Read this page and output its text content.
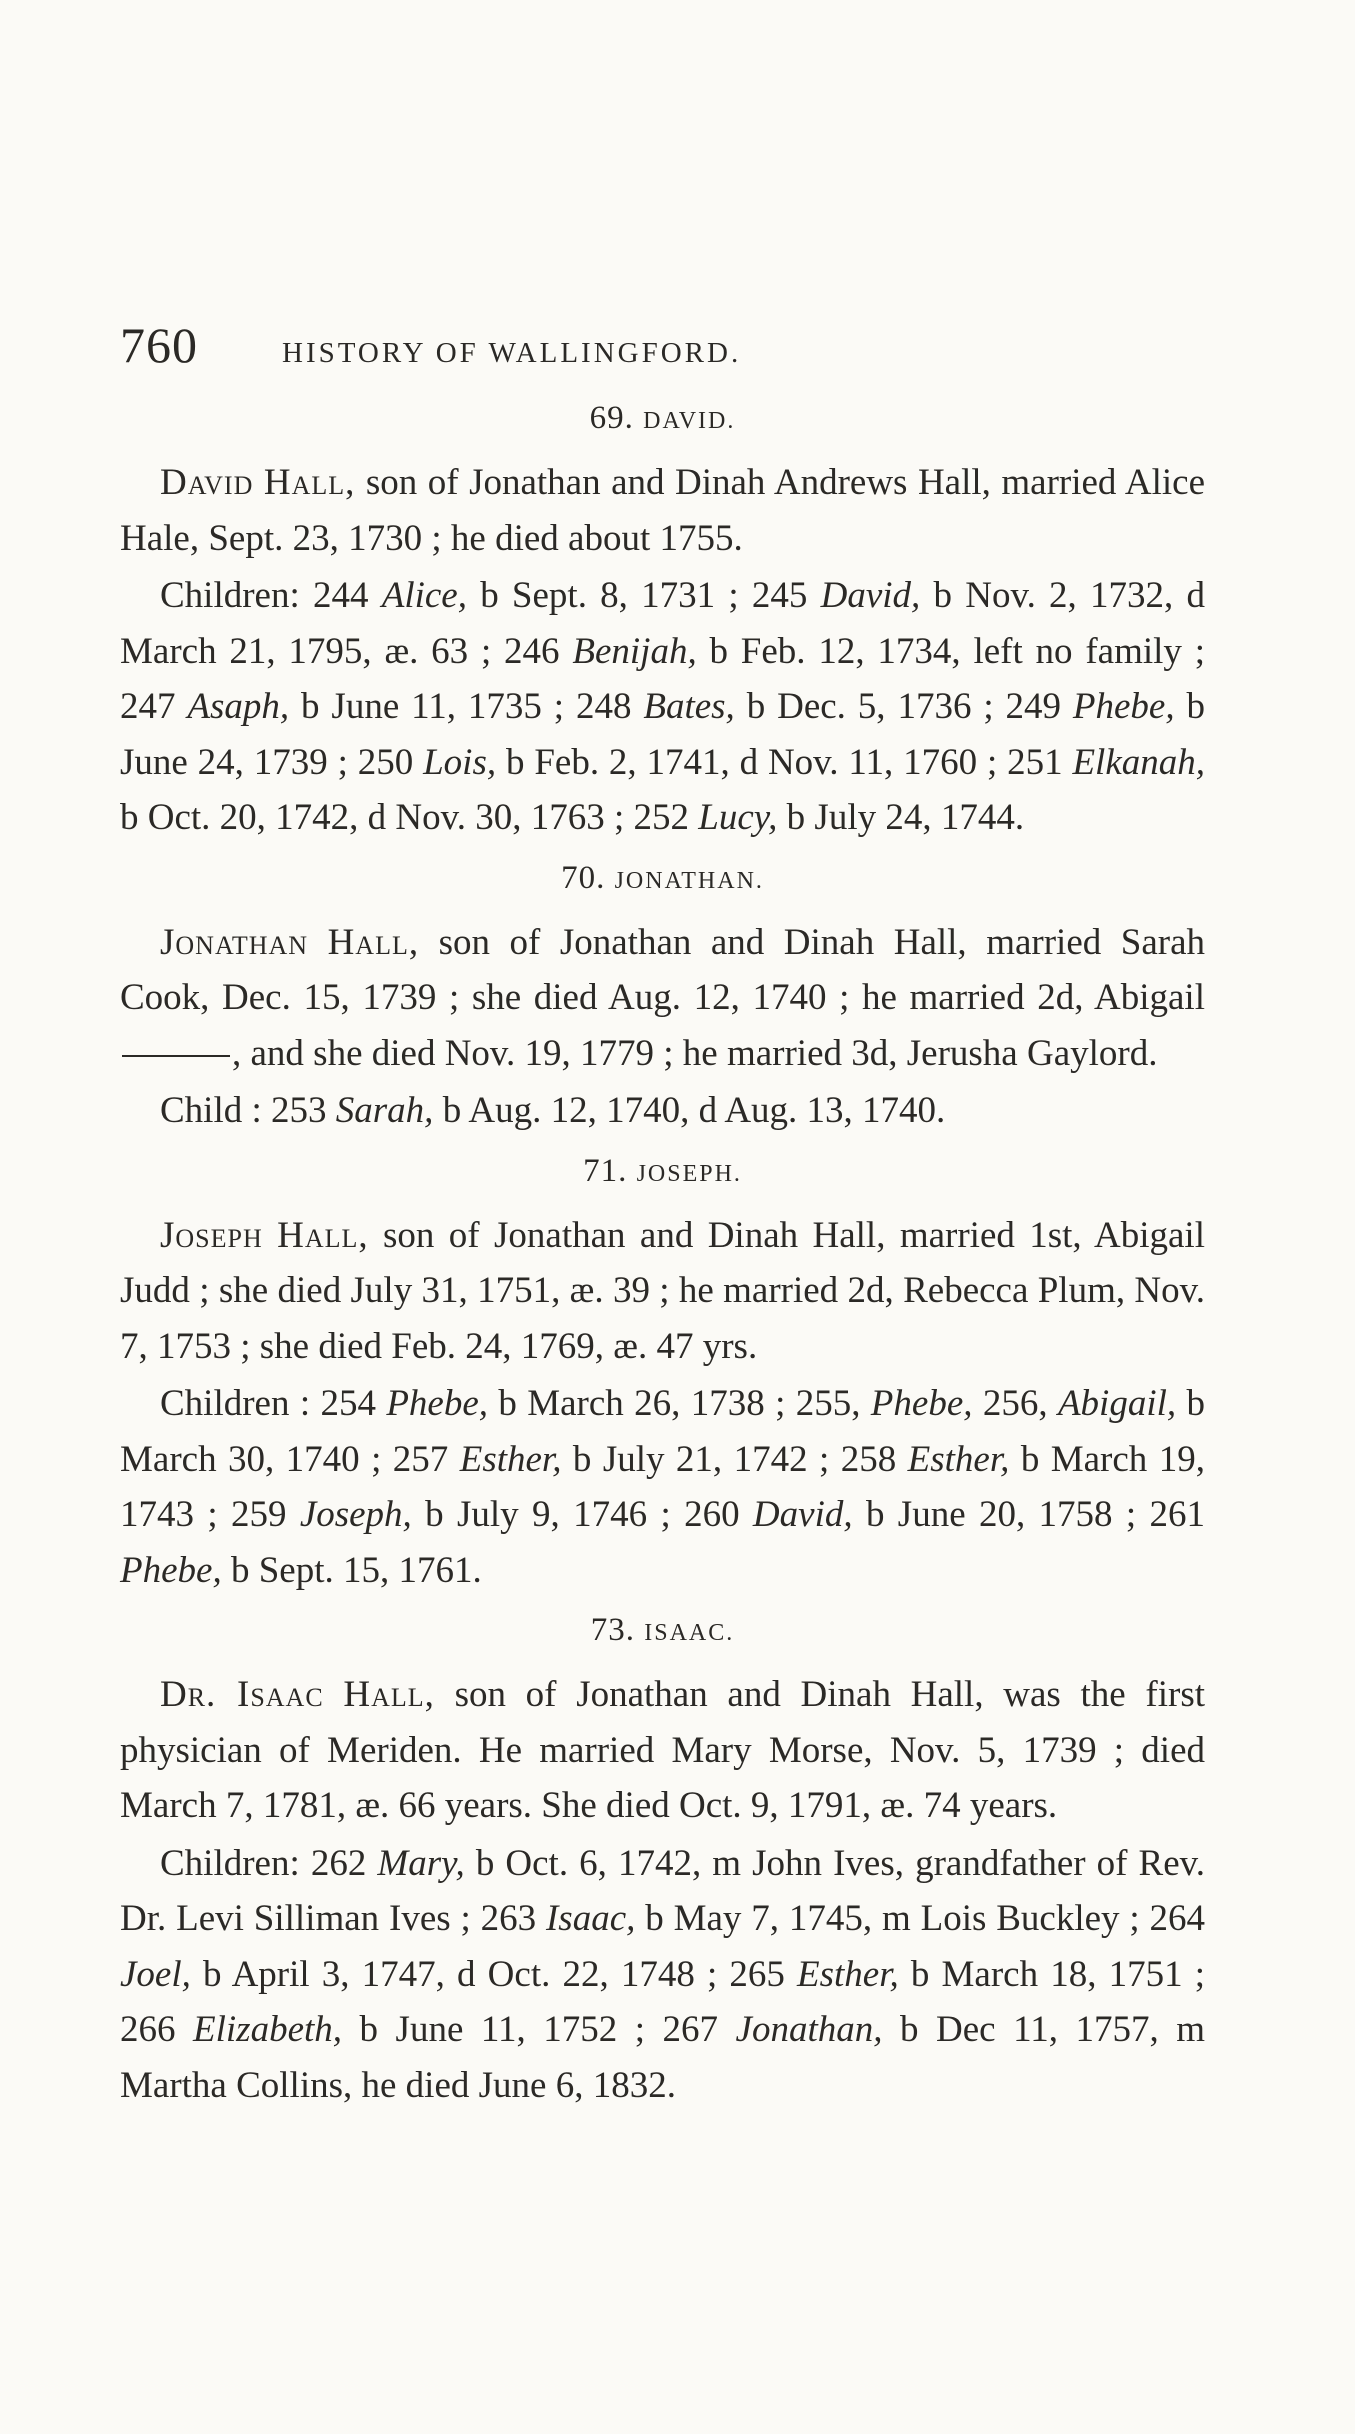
760	HISTORY OF WALLINGFORD.
69. DAVID.

David Hall, son of Jonathan and Dinah Andrews Hall, married Alice Hale, Sept. 23, 1730 ; he died about 1755.

Children: 244 Alice, b Sept. 8, 1731 ; 245 David, b Nov. 2, 1732, d March 21, 1795, æ. 63 ; 246 Benijah, b Feb. 12, 1734, left no family ; 247 Asaph, b June 11, 1735 ; 248 Bates, b Dec. 5, 1736 ; 249 Phebe, b June 24, 1739 ; 250 Lois, b Feb. 2, 1741, d Nov. 11, 1760 ; 251 Elkanah, b Oct. 20, 1742, d Nov. 30, 1763 ; 252 Lucy, b July 24, 1744.

70. JONATHAN.

Jonathan Hall, son of Jonathan and Dinah Hall, married Sarah Cook, Dec. 15, 1739 ; she died Aug. 12, 1740 ; he married 2d, Abigail, and she died Nov. 19, 1779 ; he married 3d, Jerusha Gaylord.

Child : 253 Sarah, b Aug. 12, 1740, d Aug. 13, 1740.

71. JOSEPH.

Joseph Hall, son of Jonathan and Dinah Hall, married 1st, Abigail Judd ; she died July 31, 1751, æ. 39 ; he married 2d, Rebecca Plum, Nov. 7, 1753 ; she died Feb. 24, 1769, æ. 47 yrs.

Children : 254 Phebe, b March 26, 1738 ; 255, Phebe, 256, Abigail, b March 30, 1740 ; 257 Esther, b July 21, 1742 ; 258 Esther, b March 19, 1743 ; 259 Joseph, b July 9, 1746 ; 260 David, b June 20, 1758 ; 261 Phebe, b Sept. 15, 1761.

73. ISAAC.

Dr. Isaac Hall, son of Jonathan and Dinah Hall, was the first physician of Meriden. He married Mary Morse, Nov. 5, 1739 ; died March 7, 1781, æ. 66 years. She died Oct. 9, 1791, æ. 74 years.

Children: 262 Mary, b Oct. 6, 1742, m John Ives, grandfather of Rev. Dr. Levi Silliman Ives ; 263 Isaac, b May 7, 1745, m Lois Buckley ; 264 Joel, b April 3, 1747, d Oct. 22, 1748 ; 265 Esther, b March 18, 1751 ; 266 Elizabeth, b June 11, 1752 ; 267 Jonathan, b Dec 11, 1757, m Martha Collins, he died June 6, 1832.
